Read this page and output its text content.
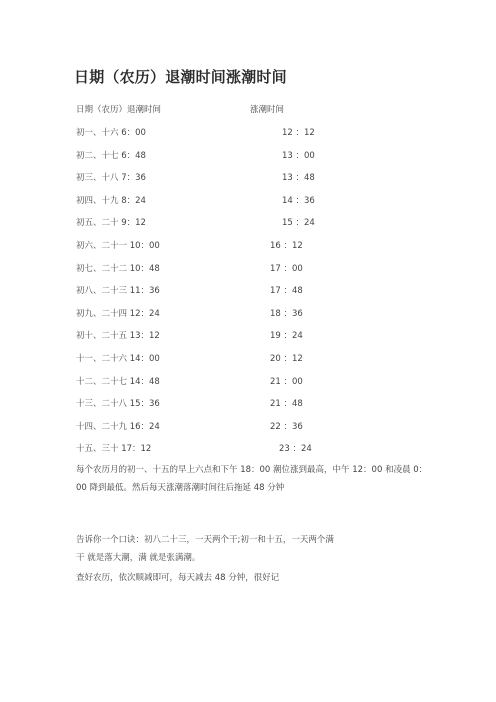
日期（农历）退潮时间涨潮时间
日期（农历）退潮时间	涨潮时间
初一、十六 6：00	12 ：12
初二、十七 6：48	13 ：00
初三、十八 7：36	13 ：48
初四、十九 8：24	14 ：36
初五、二十 9：12	15 ：24
初六、二十一 10：00	16 ：12
初七、二十二 10：48	17 ：00
初八、二十三 11：36	17 ：48
初九、二十四 12：24	18 ：36
初十、二十五 13：12	19 ：24
十一、二十六 14：00	20 ：12
十二、二十七 14：48	21 ：00
十三、二十八 15：36	21 ：48
十四、二十九 16：24	22 ：36
十五、三十 17：12	23 ：24
每个农历月的初一、十五的早上六点和下午 18：00 潮位涨到最高，中午 12：00 和凌晨 0：00 降到最低。然后每天涨潮落潮时间往后拖延 48 分钟
告诉你一个口诀：初八二十三，一天两个干;初一和十五，一天两个满
干 就是落大潮，满 就是张满潮。
查好农历，依次顺减即可，每天减去 48 分钟，很好记
